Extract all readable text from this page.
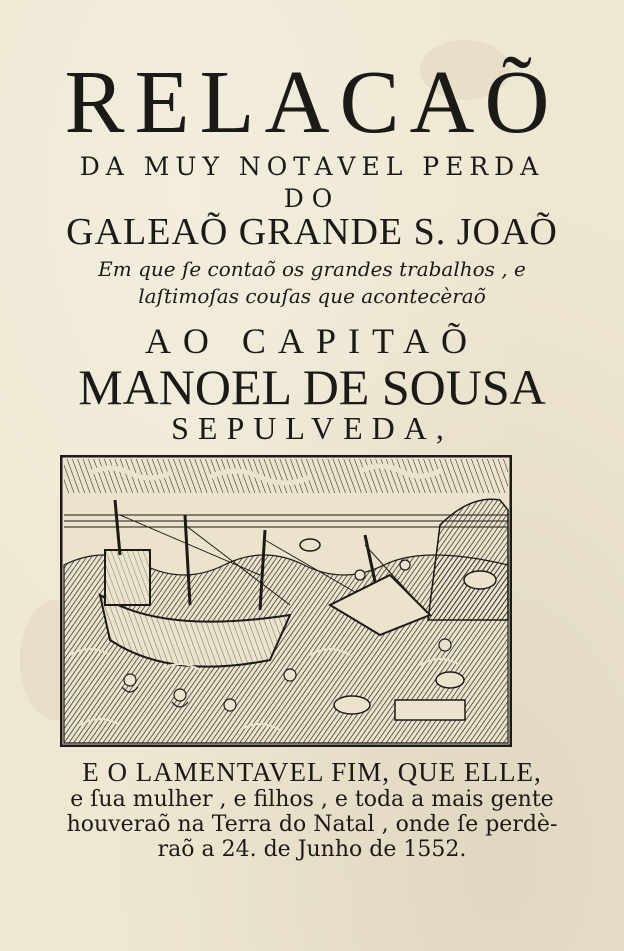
RELACAÕ
DA MUY NOTAVEL PERDA
DO
GALEAÕ GRANDE S. JOAÕ
Em que ſe contaõ os grandes trabalhos , e
laſtimoſas couſas que acontecèraõ
AO CAPITAÕ
MANOEL DE SOUSA
SEPULVEDA,
E O LAMENTAVEL FIM, QUE ELLE,
e ſua mulher , e filhos , e toda a mais gente
houveraõ na Terra do Natal , onde ſe perdè-
raõ a 24. de Junho de 1552.
